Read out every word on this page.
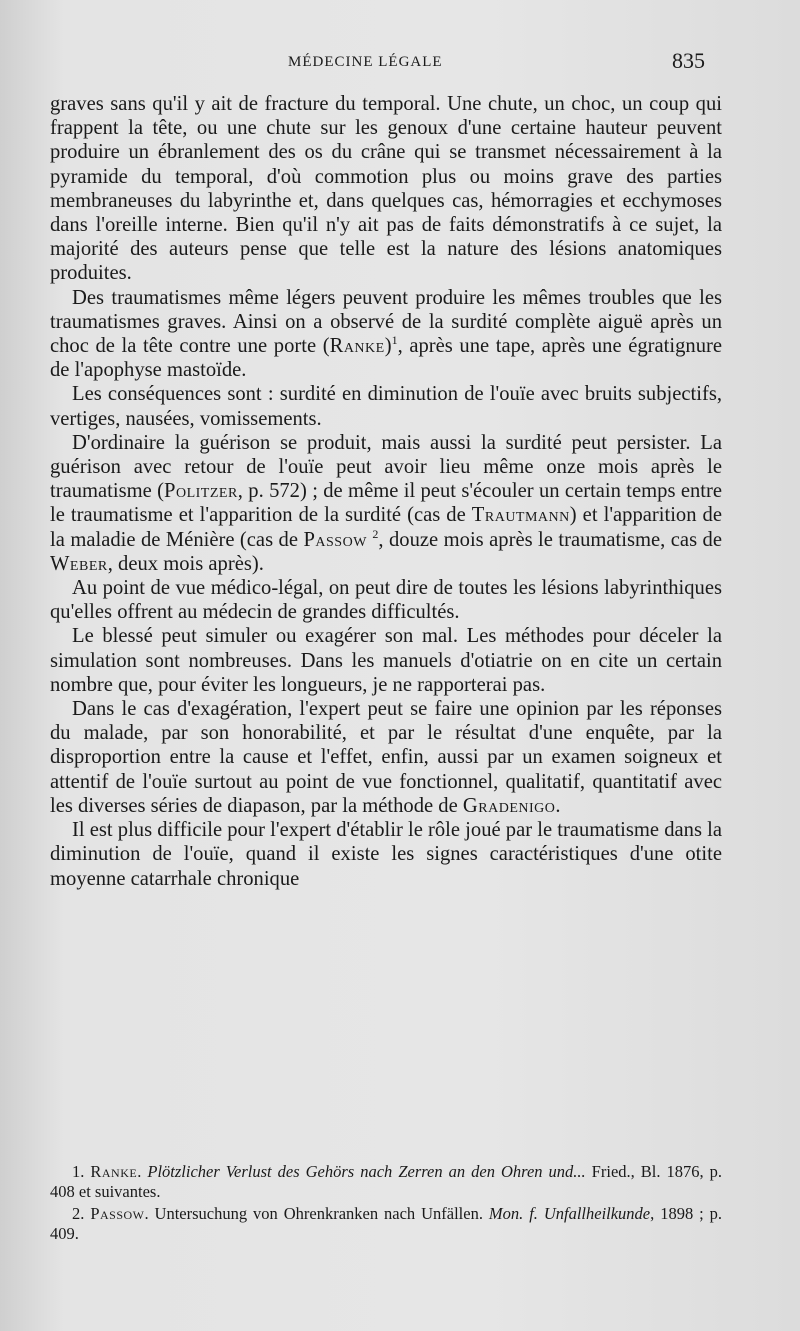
MÉDECINE LÉGALE	835

graves sans qu'il y ait de fracture du temporal. Une chute, un choc, un coup qui frappent la tête, ou une chute sur les genoux d'une certaine hauteur peuvent produire un ébranlement des os du crâne qui se transmet nécessairement à la pyramide du temporal, d'où commotion plus ou moins grave des parties membraneuses du labyrinthe et, dans quelques cas, hémorragies et ecchymoses dans l'oreille interne. Bien qu'il n'y ait pas de faits démonstratifs à ce sujet, la majorité des auteurs pense que telle est la nature des lésions anatomiques produites.

Des traumatismes même légers peuvent produire les mêmes troubles que les traumatismes graves. Ainsi on a observé de la surdité complète aiguë après un choc de la tête contre une porte (Ranke)$^1$, après une tape, après une égratignure de l'apophyse mastoïde.

Les conséquences sont : surdité en diminution de l'ouïe avec bruits subjectifs, vertiges, nausées, vomissements.

D'ordinaire la guérison se produit, mais aussi la surdité peut persister. La guérison avec retour de l'ouïe peut avoir lieu même onze mois après le traumatisme (Politzer, p. 572) ; de même il peut s'écouler un certain temps entre le traumatisme et l'apparition de la surdité (cas de Trautmann) et l'apparition de la maladie de Ménière (cas de Passow $^2$, douze mois après le traumatisme, cas de Weber, deux mois après).

Au point de vue médico-légal, on peut dire de toutes les lésions labyrinthiques qu'elles offrent au médecin de grandes difficultés.

Le blessé peut simuler ou exagérer son mal. Les méthodes pour déceler la simulation sont nombreuses. Dans les manuels d'otiatrie on en cite un certain nombre que, pour éviter les longueurs, je ne rapporterai pas.

Dans le cas d'exagération, l'expert peut se faire une opinion par les réponses du malade, par son honorabilité, et par le résultat d'une enquête, par la disproportion entre la cause et l'effet, enfin, aussi par un examen soigneux et attentif de l'ouïe surtout au point de vue fonctionnel, qualitatif, quantitatif avec les diverses séries de diapason, par la méthode de Gradenigo.

Il est plus difficile pour l'expert d'établir le rôle joué par le traumatisme dans la diminution de l'ouïe, quand il existe les signes caractéristiques d'une otite moyenne catarrhale chronique

1. Ranke. Plötzlicher Verlust des Gehörs nach Zerren an den Ohren und... Fried., Bl. 1876, p. 408 et suivantes.

2. Passow. Untersuchung von Ohrenkranken nach Unfällen. Mon. f. Unfallheilkunde, 1898 ; p. 409.
